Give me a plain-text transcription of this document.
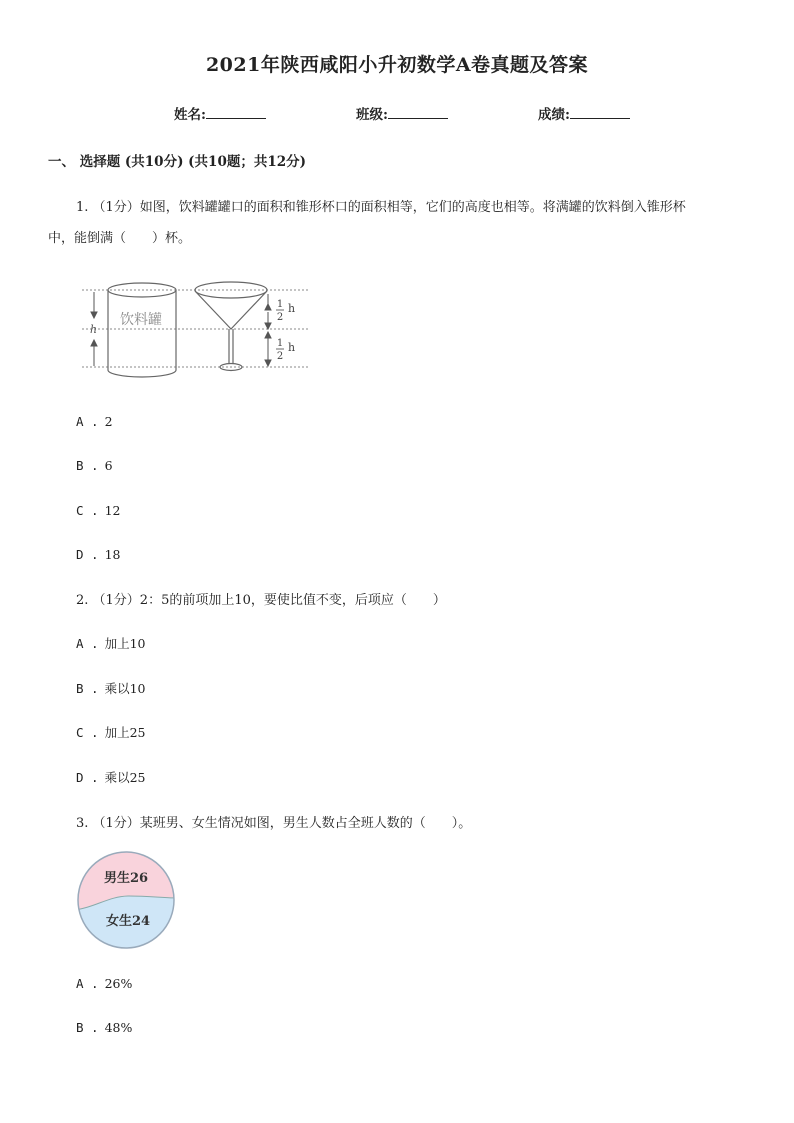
2021年陕西咸阳小升初数学A卷真题及答案
姓名:	班级:	成绩:
一、 选择题 (共10分) (共10题；共12分)
1. （1分）如图，饮料罐罐口的面积和锥形杯口的面积相等，它们的高度也相等。将满罐的饮料倒入锥形杯
中，能倒满（　　）杯。
h
饮料罐
1
2
h
1
2
h
A . 2
B . 6
C . 12
D . 18
2. （1分）2：5的前项加上10，要使比值不变，后项应（　　）
A . 加上10
B . 乘以10
C . 加上25
D . 乘以25
3. （1分）某班男、女生情况如图，男生人数占全班人数的（　　）。
男生26
女生24
A . 26%
B . 48%
